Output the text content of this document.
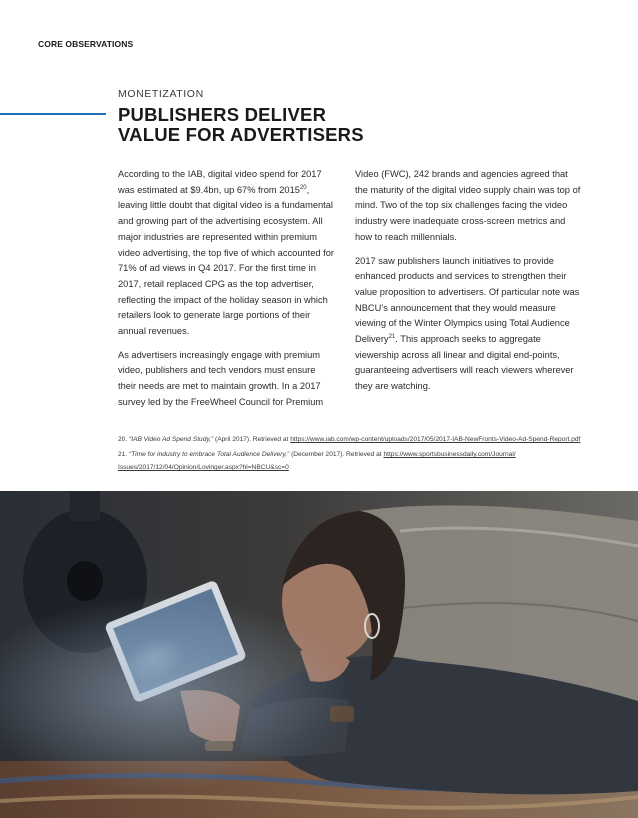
CORE OBSERVATIONS
MONETIZATION
PUBLISHERS DELIVER
VALUE FOR ADVERTISERS

According to the IAB, digital video spend for 2017 was estimated at $9.4bn, up 67% from 2015$^{20}$, leaving little doubt that digital video is a fundamental and growing part of the advertising ecosystem. All major industries are represented within premium video advertising, the top five of which accounted for 71% of ad views in Q4 2017. For the first time in 2017, retail replaced CPG as the top advertiser, reflecting the impact of the holiday season in which retailers look to generate large portions of their annual revenues.

As advertisers increasingly engage with premium video, publishers and tech vendors must ensure their needs are met to maintain growth. In a 2017 survey led by the FreeWheel Council for Premium

Video (FWC), 242 brands and agencies agreed that the maturity of the digital video supply chain was top of mind. Two of the top six challenges facing the video industry were inadequate cross-screen metrics and how to reach millennials.

2017 saw publishers launch initiatives to provide enhanced products and services to strengthen their value proposition to advertisers. Of particular note was NBCU’s announcement that they would measure viewing of the Winter Olympics using Total Audience Delivery$^{21}$. This approach seeks to aggregate viewership across all linear and digital end-points, guaranteeing advertisers will reach viewers wherever they are watching.

20. “IAB Video Ad Spend Study,” (April 2017). Retrieved at https://www.iab.com/wp-content/uploads/2017/05/2017-IAB-NewFronts-Video-Ad-Spend-Report.pdf

21. “Time for industry to embrace Total Audience Delivery,” (December 2017). Retrieved at https://www.sportsbusinessdaily.com/Journal/
Issues/2017/12/04/Opinion/Lovinger.aspx?hl=NBCU&sc=0
